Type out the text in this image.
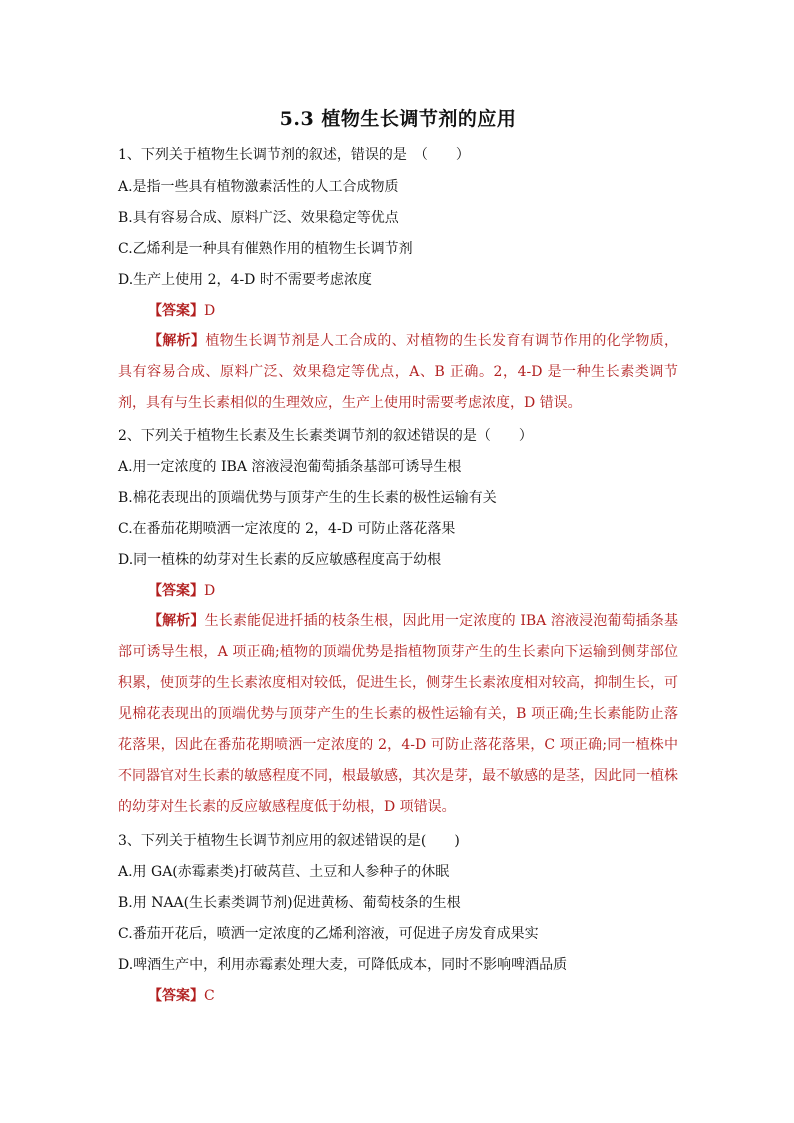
5.3 植物生长调节剂的应用
1、下列关于植物生长调节剂的叙述，错误的是　（　　）
A.是指一些具有植物激素活性的人工合成物质
B.具有容易合成、原料广泛、效果稳定等优点
C.乙烯利是一种具有催熟作用的植物生长调节剂
D.生产上使用 2，4-D 时不需要考虑浓度
【答案】D
【解析】植物生长调节剂是人工合成的、对植物的生长发育有调节作用的化学物质，具有容易合成、原料广泛、效果稳定等优点，A、B 正确。2，4-D 是一种生长素类调节剂，具有与生长素相似的生理效应，生产上使用时需要考虑浓度，D 错误。
2、下列关于植物生长素及生长素类调节剂的叙述错误的是（　　）
A.用一定浓度的 IBA 溶液浸泡葡萄插条基部可诱导生根
B.棉花表现出的顶端优势与顶芽产生的生长素的极性运输有关
C.在番茄花期喷洒一定浓度的 2，4-D 可防止落花落果
D.同一植株的幼芽对生长素的反应敏感程度高于幼根
【答案】D
【解析】生长素能促进扦插的枝条生根，因此用一定浓度的 IBA 溶液浸泡葡萄插条基部可诱导生根，A 项正确;植物的顶端优势是指植物顶芽产生的生长素向下运输到侧芽部位积累，使顶芽的生长素浓度相对较低，促进生长，侧芽生长素浓度相对较高，抑制生长，可见棉花表现出的顶端优势与顶芽产生的生长素的极性运输有关，B 项正确;生长素能防止落花落果，因此在番茄花期喷洒一定浓度的 2，4-D 可防止落花落果，C 项正确;同一植株中不同器官对生长素的敏感程度不同，根最敏感，其次是芽，最不敏感的是茎，因此同一植株的幼芽对生长素的反应敏感程度低于幼根，D 项错误。
3、下列关于植物生长调节剂应用的叙述错误的是(　　)
A.用 GA(赤霉素类)打破莴苣、土豆和人参种子的休眠
B.用 NAA(生长素类调节剂)促进黄杨、葡萄枝条的生根
C.番茄开花后，喷洒一定浓度的乙烯利溶液，可促进子房发育成果实
D.啤酒生产中，利用赤霉素处理大麦，可降低成本，同时不影响啤酒品质
【答案】C
